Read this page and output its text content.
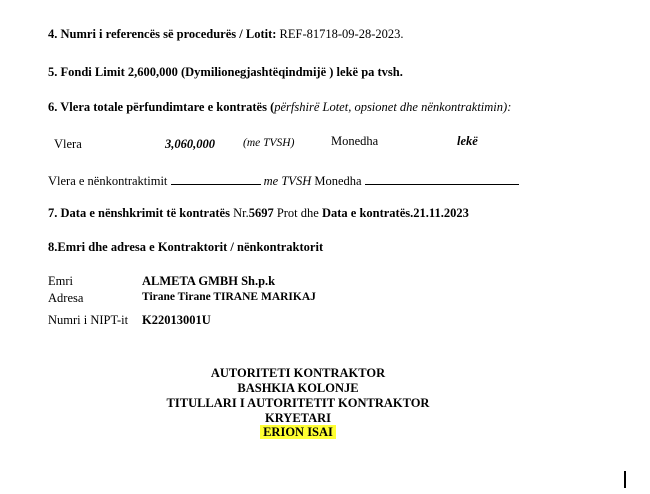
4. Numri i referencës së procedurës / Lotit: REF-81718-09-28-2023.
5. Fondi Limit 2,600,000 (Dymilionegjashtëqindmijë ) lekë pa tvsh.
6. Vlera totale përfundimtare e kontratës (përfshirë Lotet, opsionet dhe nënkontraktimin):
Vlera	3,060,000 (me TVSH)	Monedha	lekë
Vlera e nënkontraktimit	me TVSH Monedha
7. Data e nënshkrimit të kontratës Nr.5697 Prot dhe Data e kontratës.21.11.2023
8.Emri dhe adresa e Kontraktorit / nënkontraktorit
Emri	ALMETA GMBH Sh.p.k
Adresa	Tirane Tirane TIRANE MARIKAJ
Numri i NIPT-it K22013001U
AUTORITETI KONTRAKTOR
BASHKIA KOLONJE
TITULLARI I AUTORITETIT KONTRAKTOR
KRYETARI
ERION ISAI
